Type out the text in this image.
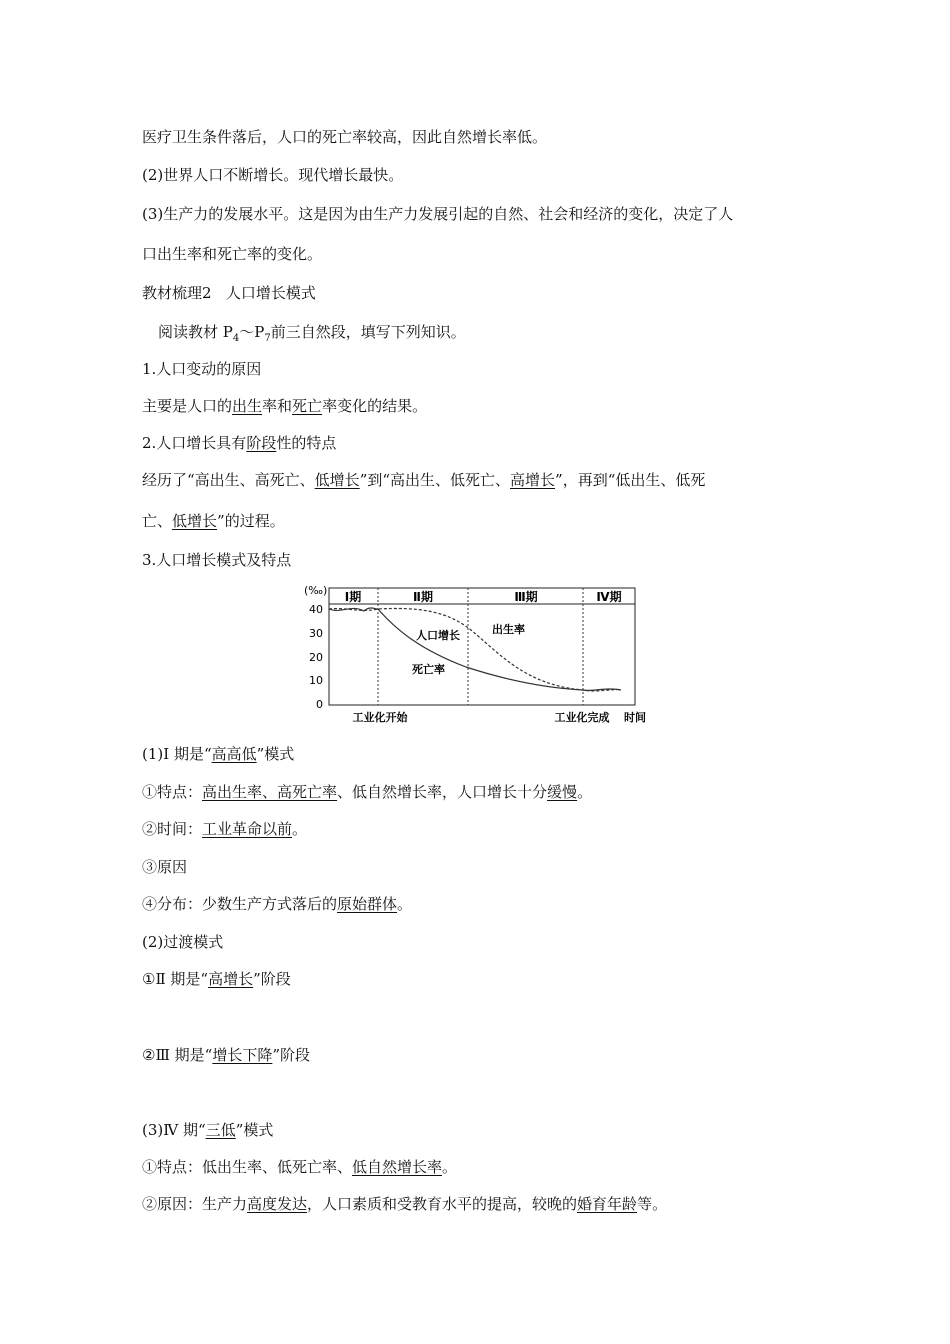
医疗卫生条件落后，人口的死亡率较高，因此自然增长率低。
(2)世界人口不断增长。现代增长最快。
(3)生产力的发展水平。这是因为由生产力发展引起的自然、社会和经济的变化，决定了人
口出生率和死亡率的变化。
教材梳理2 人口增长模式
阅读教材 $P_4\sim P_7$前三自然段，填写下列知识。
1.人口变动的原因
主要是人口的出生率和死亡率变化的结果。
2.人口增长具有阶段性的特点
经历了“高出生、高死亡、低增长”到“高出生、低死亡、高增长”，再到“低出生、低死
亡、低增长”的过程。
3.人口增长模式及特点
Ⅰ期	Ⅱ期	Ⅲ期	Ⅳ期
(‰)
40
30
20
10
0
人口增长	出生率
死亡率
工业化开始	工业化完成 时间
(1)Ⅰ 期是“高高低”模式
①特点：高出生率、高死亡率、低自然增长率，人口增长十分缓慢。
②时间：工业革命以前。
③原因
④分布：少数生产方式落后的原始群体。
(2)过渡模式
①Ⅱ 期是“高增长”阶段
②Ⅲ 期是“增长下降”阶段
(3)Ⅳ 期“三低”模式
①特点：低出生率、低死亡率、低自然增长率。
②原因：生产力高度发达，人口素质和受教育水平的提高，较晚的婚育年龄等。
